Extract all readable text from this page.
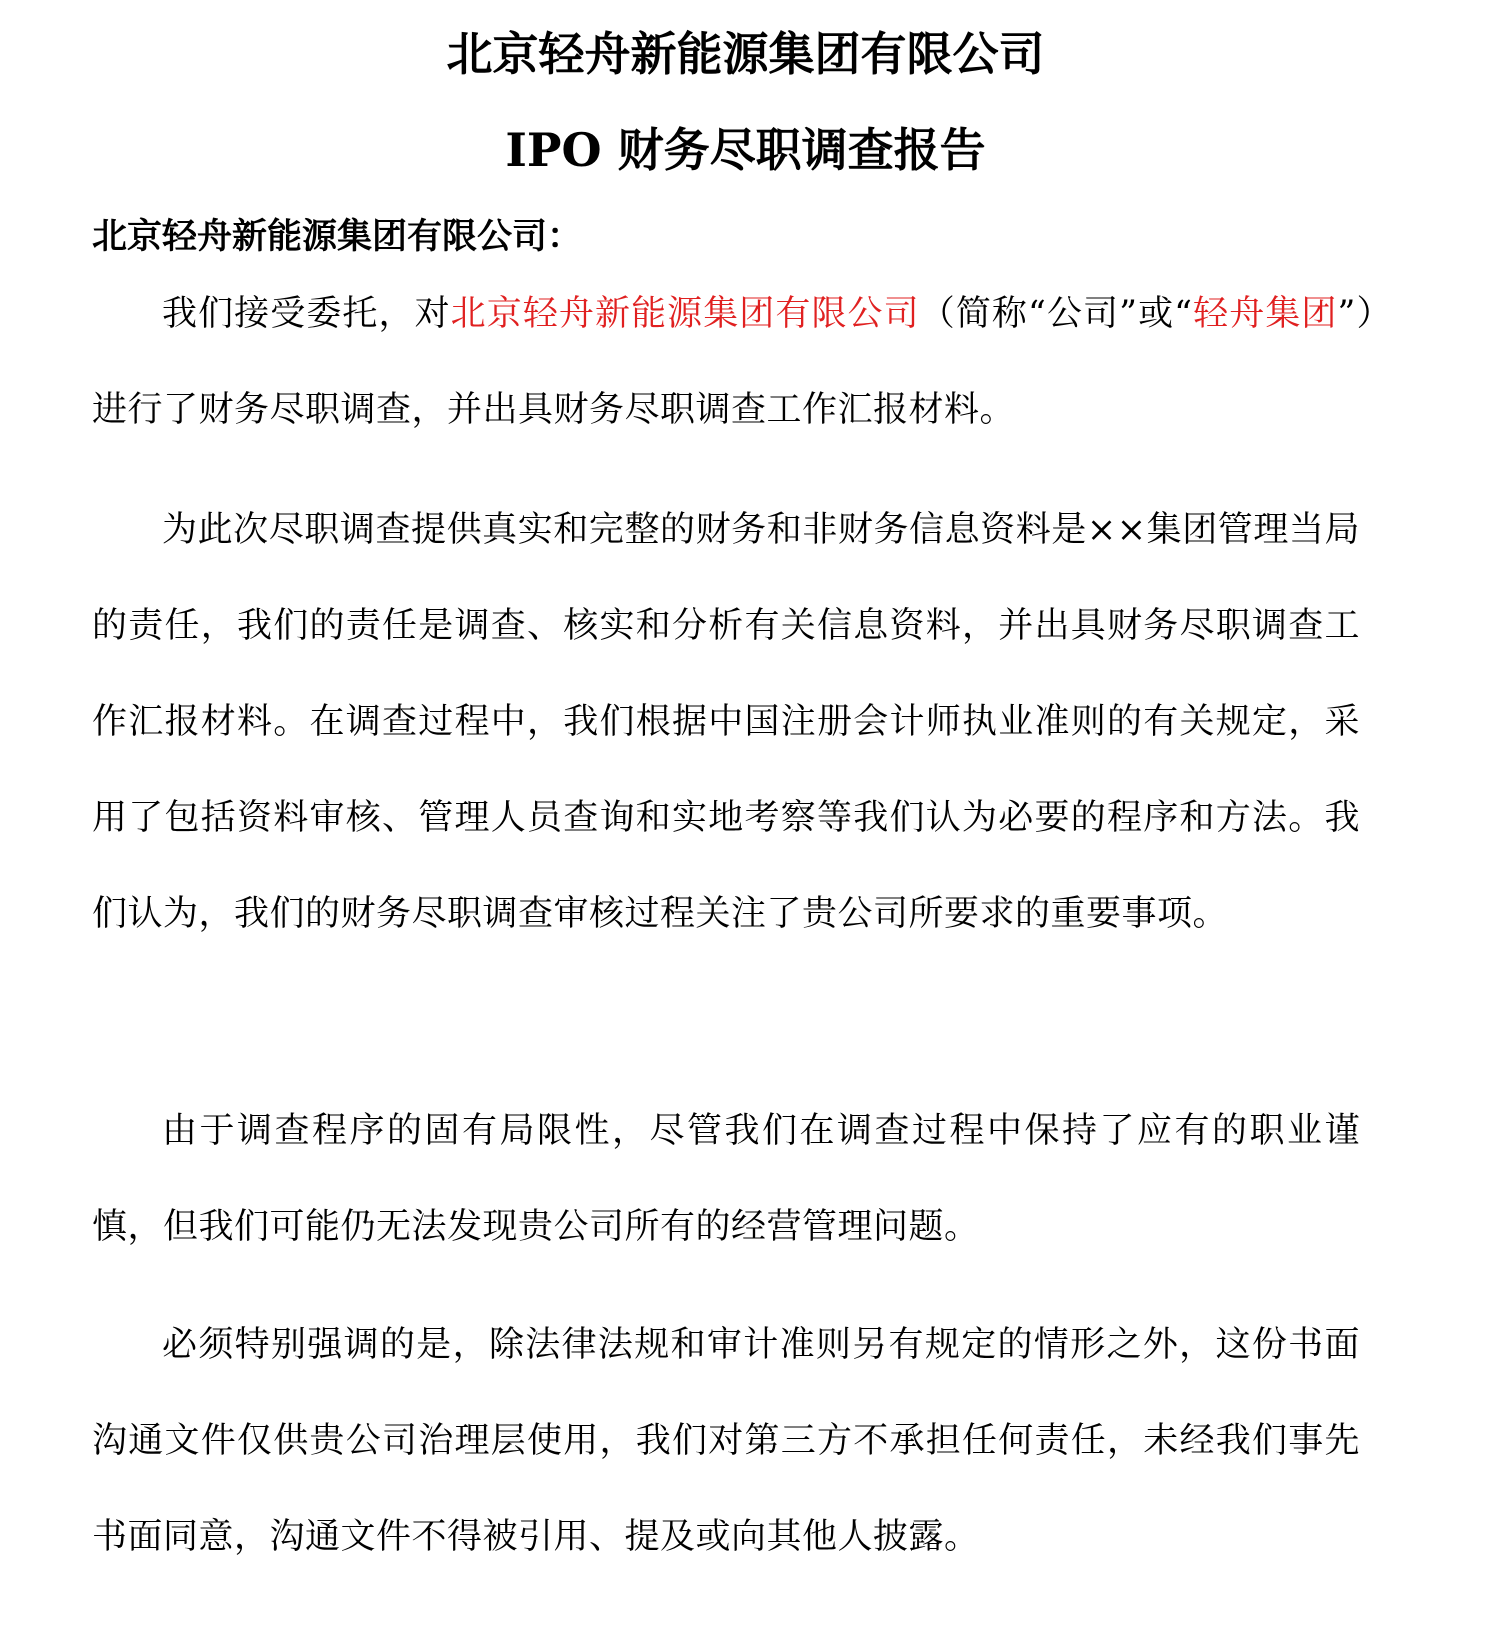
北京轻舟新能源集团有限公司
IPO 财务尽职调查报告

北京轻舟新能源集团有限公司：

我们接受委托，对北京轻舟新能源集团有限公司（简称“公司”或“轻舟集团”）进行了财务尽职调查，并出具财务尽职调查工作汇报材料。

为此次尽职调查提供真实和完整的财务和非财务信息资料是××集团管理当局的责任，我们的责任是调查、核实和分析有关信息资料，并出具财务尽职调查工作汇报材料。在调查过程中，我们根据中国注册会计师执业准则的有关规定，采用了包括资料审核、管理人员查询和实地考察等我们认为必要的程序和方法。我们认为，我们的财务尽职调查审核过程关注了贵公司所要求的重要事项。

由于调查程序的固有局限性，尽管我们在调查过程中保持了应有的职业谨慎，但我们可能仍无法发现贵公司所有的经营管理问题。

必须特别强调的是，除法律法规和审计准则另有规定的情形之外，这份书面沟通文件仅供贵公司治理层使用，我们对第三方不承担任何责任，未经我们事先书面同意，沟通文件不得被引用、提及或向其他人披露。
